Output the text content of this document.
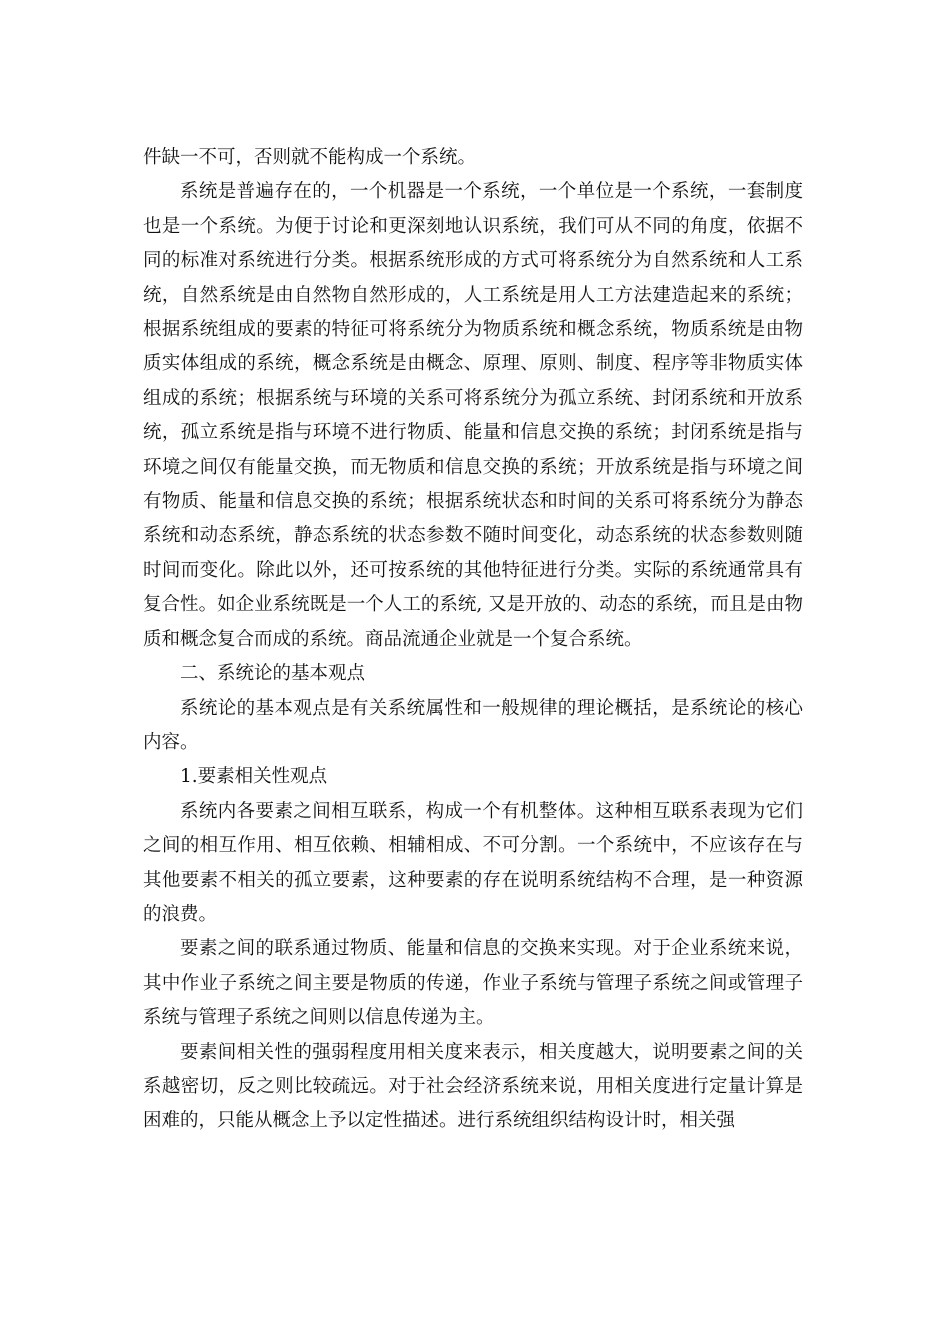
件缺一不可，否则就不能构成一个系统。

系统是普遍存在的，一个机器是一个系统，一个单位是一个系统，一套制度也是一个系统。为便于讨论和更深刻地认识系统，我们可从不同的角度，依据不同的标准对系统进行分类。根据系统形成的方式可将系统分为自然系统和人工系统，自然系统是由自然物自然形成的，人工系统是用人工方法建造起来的系统；根据系统组成的要素的特征可将系统分为物质系统和概念系统，物质系统是由物质实体组成的系统，概念系统是由概念、原理、原则、制度、程序等非物质实体组成的系统；根据系统与环境的关系可将系统分为孤立系统、封闭系统和开放系统，孤立系统是指与环境不进行物质、能量和信息交换的系统；封闭系统是指与环境之间仅有能量交换，而无物质和信息交换的系统；开放系统是指与环境之间有物质、能量和信息交换的系统；根据系统状态和时间的关系可将系统分为静态系统和动态系统，静态系统的状态参数不随时间变化，动态系统的状态参数则随时间而变化。除此以外，还可按系统的其他特征进行分类。实际的系统通常具有复合性。如企业系统既是一个人工的系统, 又是开放的、动态的系统，而且是由物质和概念复合而成的系统。商品流通企业就是一个复合系统。

二、系统论的基本观点

系统论的基本观点是有关系统属性和一般规律的理论概括，是系统论的核心内容。

1.要素相关性观点

系统内各要素之间相互联系，构成一个有机整体。这种相互联系表现为它们之间的相互作用、相互依赖、相辅相成、不可分割。一个系统中，不应该存在与其他要素不相关的孤立要素，这种要素的存在说明系统结构不合理，是一种资源的浪费。

要素之间的联系通过物质、能量和信息的交换来实现。对于企业系统来说，其中作业子系统之间主要是物质的传递，作业子系统与管理子系统之间或管理子系统与管理子系统之间则以信息传递为主。

要素间相关性的强弱程度用相关度来表示，相关度越大，说明要素之间的关系越密切，反之则比较疏远。对于社会经济系统来说，用相关度进行定量计算是困难的，只能从概念上予以定性描述。进行系统组织结构设计时，相关强
